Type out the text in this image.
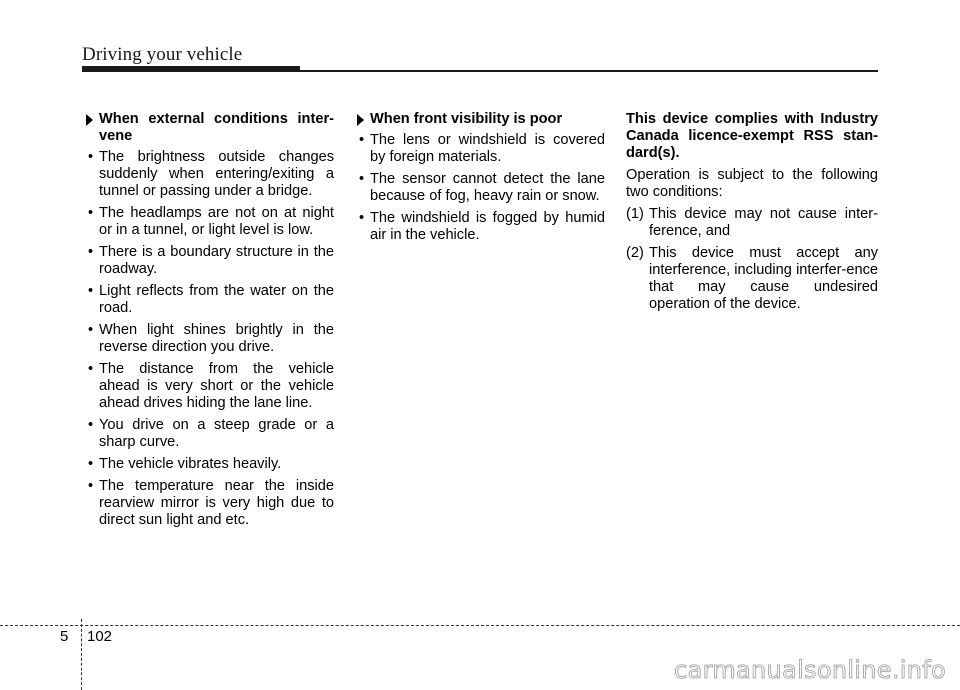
Driving your vehicle
When external conditions inter-vene
• The brightness outside changes suddenly when entering/exiting a tunnel or passing under a bridge.
• The headlamps are not on at night or in a tunnel, or light level is low.
• There is a boundary structure in the roadway.
• Light reflects from the water on the road.
• When light shines brightly in the reverse direction you drive.
• The distance from the vehicle ahead is very short or the vehicle ahead drives hiding the lane line.
• You drive on a steep grade or a sharp curve.
• The vehicle vibrates heavily.
• The temperature near the inside rearview mirror is very high due to direct sun light and etc.
When front visibility is poor
• The lens or windshield is covered by foreign materials.
• The sensor cannot detect the lane because of fog, heavy rain or snow.
• The windshield is fogged by humid air in the vehicle.

This device complies with Industry Canada licence-exempt RSS stan-dard(s).

Operation is subject to the following two conditions:

(1) This device may not cause inter-ference, and
(2) This device must accept any interference, including interfer-ence that may cause undesired operation of the device.
5 102
carmanualsonline.info
